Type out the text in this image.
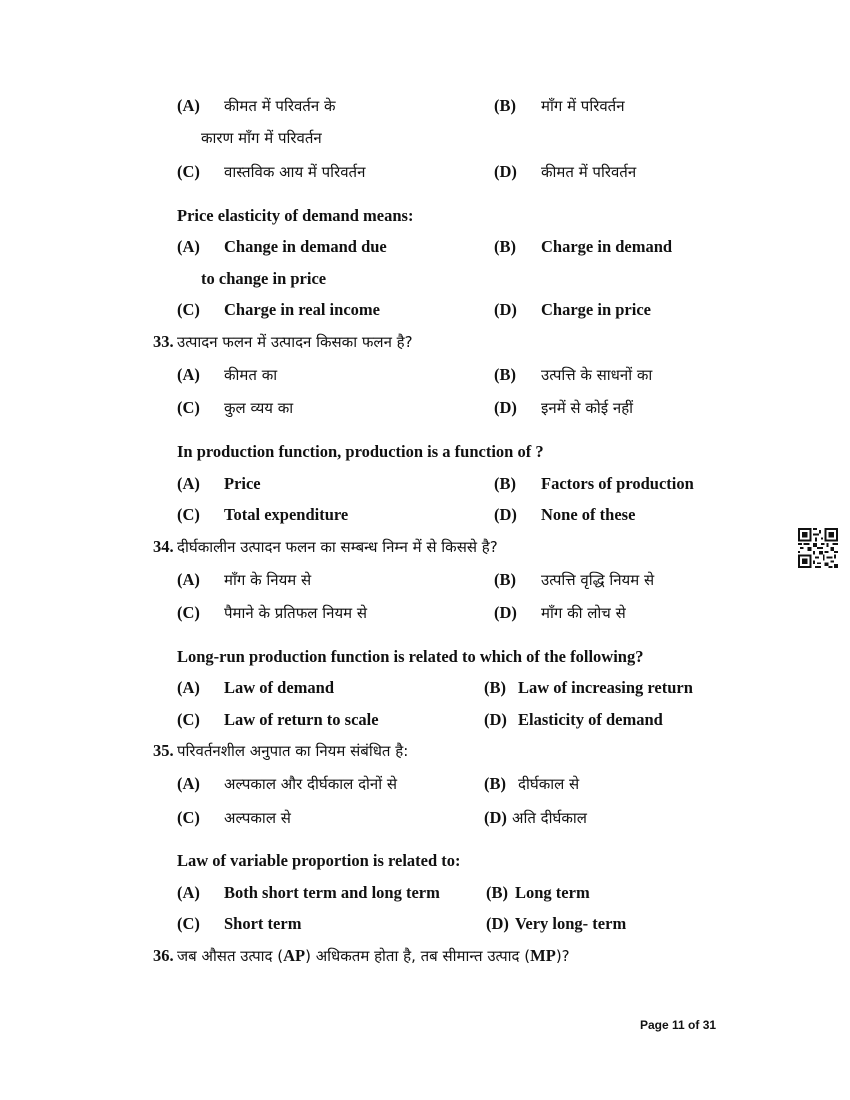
(A) कीमत में परिवर्तन के	(B) माँग में परिवर्तन
कारण माँग में परिवर्तन
(C) वास्तविक आय में परिवर्तन	(D) कीमत में परिवर्तन
Price elasticity of demand means:
(A) Change in demand due	(B) Charge in demand
to change in price
(C) Charge in real income	(D) Charge in price
33. उत्पादन फलन में उत्पादन किसका फलन है?
(A) कीमत का	(B) उत्पत्ति के साधनों का
(C) कुल व्यय का	(D) इनमें से कोई नहीं
In production function, production is a function of ?
(A) Price	(B) Factors of production
(C) Total expenditure	(D) None of these
34. दीर्घकालीन उत्पादन फलन का सम्बन्ध निम्न में से किससे है?
(A) माँग के नियम से	(B) उत्पत्ति वृद्धि नियम से
(C) पैमाने के प्रतिफल नियम से	(D) माँग की लोच से
Long-run production function is related to which of the following?
(A) Law of demand	(B) Law of increasing return
(C) Law of return to scale	(D) Elasticity of demand
35. परिवर्तनशील अनुपात का नियम संबंधित है:
(A) अल्पकाल और दीर्घकाल दोनों से	(B) दीर्घकाल से
(C) अल्पकाल से	(D) अति दीर्घकाल
Law of variable proportion is related to:
(A) Both short term and long term	(B) Long term
(C) Short term	(D) Very long- term
36. जब औसत उत्पाद (AP) अधिकतम होता है, तब सीमान्त उत्पाद (MP)?
Page 11 of 31
